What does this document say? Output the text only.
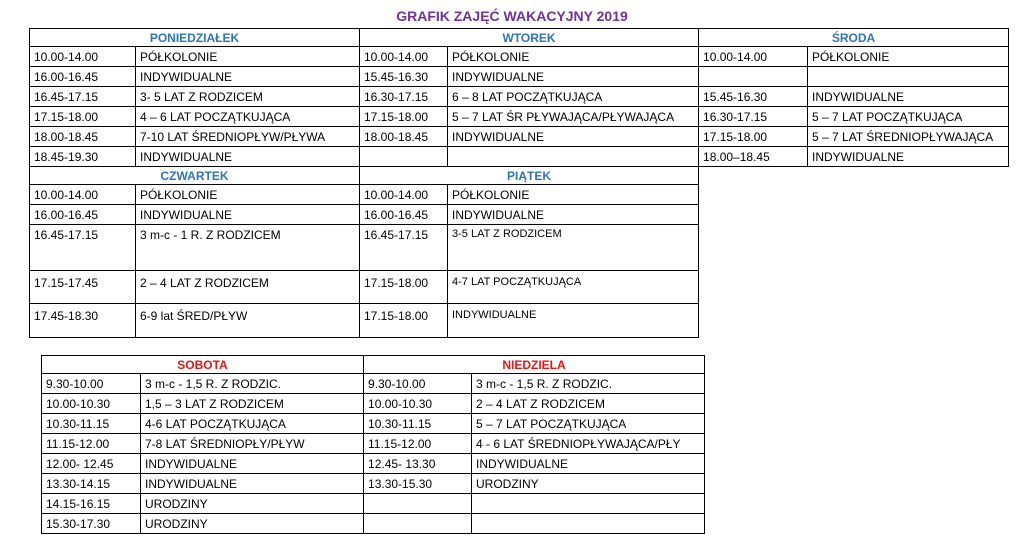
GRAFIK ZAJĘĆ WAKACYJNY 2019
PONIEDZIAŁEK		WTOREK		ŚRODA	
10.00-14.00	PÓŁKOLONIE	10.00-14.00	PÓŁKOLONIE	10.00-14.00	PÓŁKOLONIE
16.00-16.45	INDYWIDUALNE	15.45-16.30	INDYWIDUALNE		
16.45-17.15	3- 5 LAT Z RODZICEM	16.30-17.15	6 – 8 LAT POCZĄTKUJĄCA	15.45-16.30	INDYWIDUALNE
17.15-18.00	4 – 6 LAT POCZĄTKUJĄCA	17.15-18.00	5 – 7 LAT ŚR PŁYWAJĄCA/PŁYWAJĄCA	16.30-17.15	5 – 7 LAT POCZĄTKUJĄCA
18.00-18.45	7-10 LAT ŚREDNIOPŁYW/PŁYWA	18.00-18.45	INDYWIDUALNE	17.15-18.00	5 – 7 LAT ŚREDNIOPŁYWAJĄCA
18.45-19.30	INDYWIDUALNE			18.00–18.45	INDYWIDUALNE
CZWARTEK		PIĄTEK	
10.00-14.00	PÓŁKOLONIE	10.00-14.00	PÓŁKOLONIE
16.00-16.45	INDYWIDUALNE	16.00-16.45	INDYWIDUALNE
16.45-17.15	3 m-c - 1 R. Z RODZICEM	16.45-17.15	3-5 LAT Z RODZICEM
17.15-17.45	2 – 4 LAT Z RODZICEM	17.15-18.00	4-7 LAT POCZĄTKUJĄCA
17.45-18.30	6-9 lat ŚRED/PŁYW	17.15-18.00	INDYWIDUALNE
SOBOTA		NIEDZIELA	
9.30-10.00	3 m-c - 1,5 R. Z RODZIC.	9.30-10.00	3 m-c - 1,5 R. Z RODZIC.
10.00-10.30	1,5 – 3 LAT Z RODZICEM	10.00-10.30	2 – 4 LAT Z RODZICEM
10.30-11.15	4-6 LAT POCZĄTKUJĄCA	10.30-11.15	5 – 7 LAT POCZĄTKUJĄCA
11.15-12.00	7-8 LAT ŚREDNIOPŁY/PŁYW	11.15-12.00	4 - 6 LAT ŚREDNIOPŁYWAJĄCA/PŁY
12.00- 12.45	INDYWIDUALNE	12.45- 13.30	INDYWIDUALNE
13.30-14.15	INDYWIDUALNE	13.30-15.30	URODZINY
14.15-16.15	URODZINY		
15.30-17.30	URODZINY		
